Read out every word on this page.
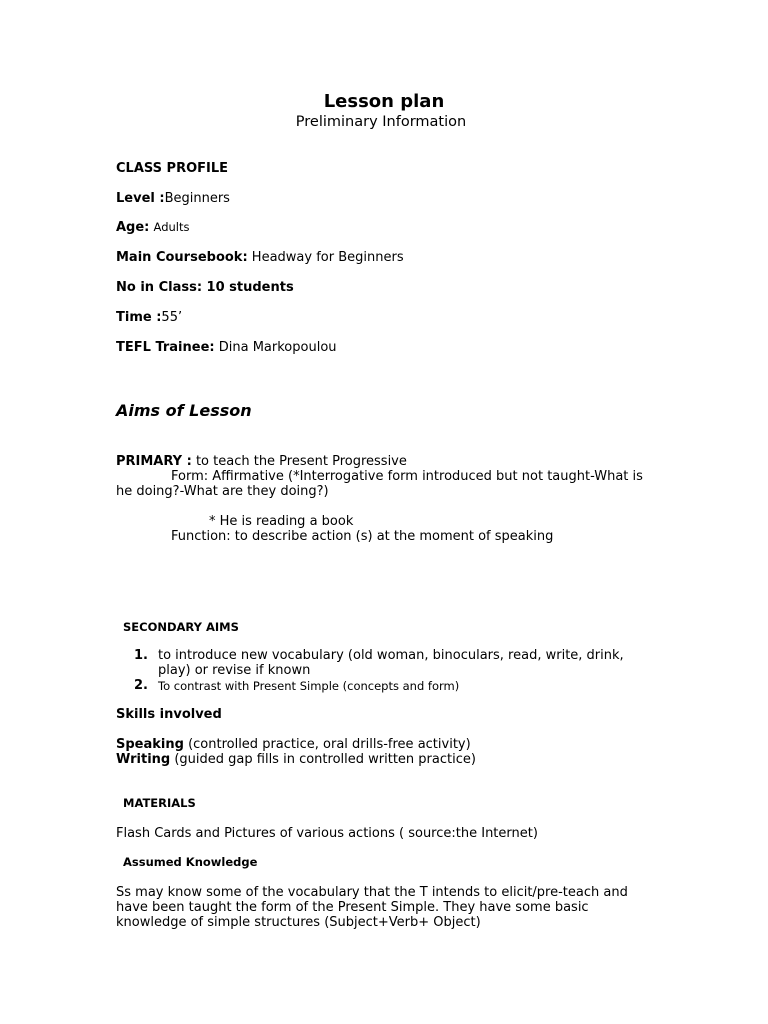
Lesson plan
Preliminary Information
CLASS PROFILE
Level :Beginners
Age: Adults
Main Coursebook: Headway for Beginners
No in Class: 10 students
Time :55’
TEFL Trainee: Dina Markopoulou
Aims of Lesson
PRIMARY : to teach the Present Progressive
Form: Affirmative (*Interrogative form introduced but not taught-What is
he doing?-What are they doing?)
* He is reading a book
Function: to describe action (s) at the moment of speaking
SECONDARY AIMS
1. to introduce new vocabulary (old woman, binoculars, read, write, drink,
play) or revise if known
2. To contrast with Present Simple (concepts and form)
Skills involved
Speaking (controlled practice, oral drills-free activity)
Writing (guided gap fills in controlled written practice)
MATERIALS
Flash Cards and Pictures of various actions ( source:the Internet)
Assumed Knowledge
Ss may know some of the vocabulary that the T intends to elicit/pre-teach and
have been taught the form of the Present Simple. They have some basic
knowledge of simple structures (Subject+Verb+ Object)
